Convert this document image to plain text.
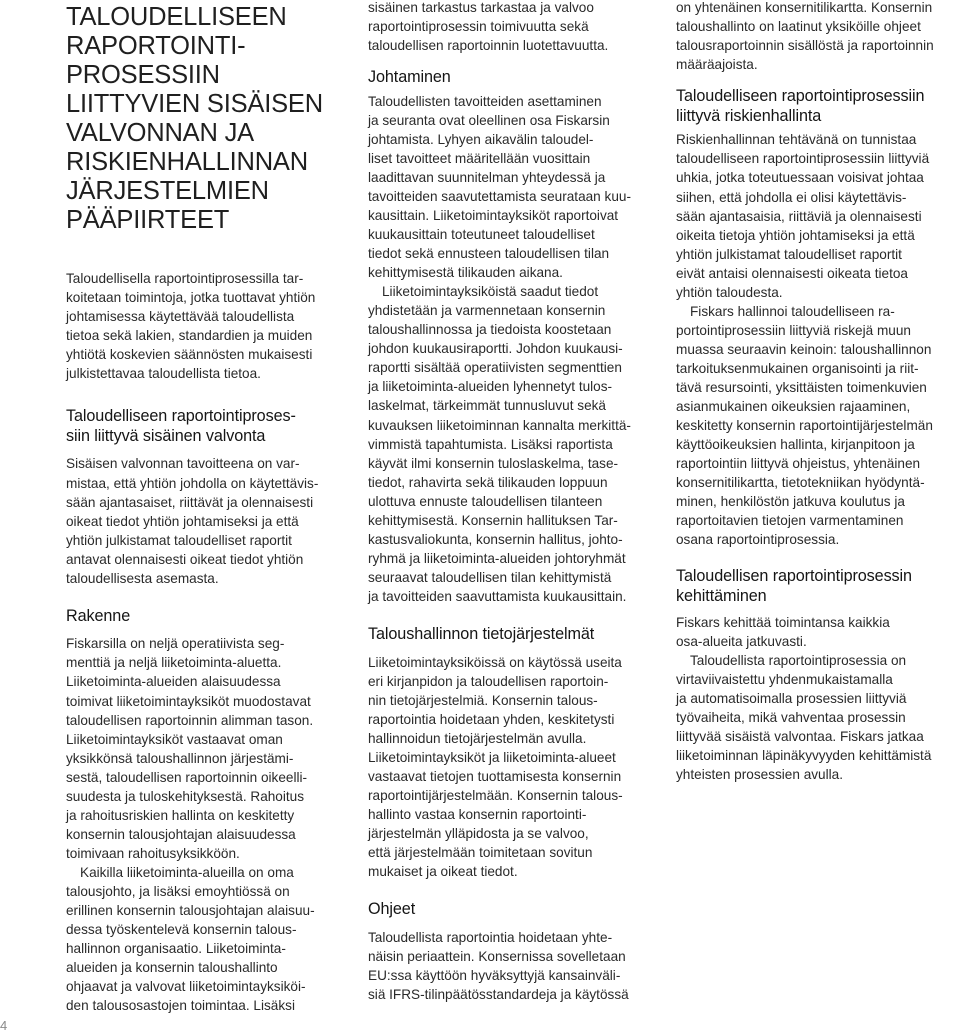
TALOUDELLISEEN
RAPORTOINTI-
PROSESSIIN
LIITTYVIEN SISÄISEN
VALVONNAN JA
RISKIENHALLINNAN
JÄRJESTELMIEN
PÄÄPIIRTEET

Taloudellisella raportointiprosessilla tar-
koitetaan toimintoja, jotka tuottavat yhtiön
johtamisessa käytettävää taloudellista
tietoa sekä lakien, standardien ja muiden
yhtiötä koskevien säännösten mukaisesti
julkistettavaa taloudellista tietoa.

Taloudelliseen raportointiproses-
siin liittyvä sisäinen valvonta

Sisäisen valvonnan tavoitteena on var-
mistaa, että yhtiön johdolla on käytettävis-
sään ajantasaiset, riittävät ja olennaisesti
oikeat tiedot yhtiön johtamiseksi ja että
yhtiön julkistamat taloudelliset raportit
antavat olennaisesti oikeat tiedot yhtiön
taloudellisesta asemasta.

Rakenne

Fiskarsilla on neljä operatiivista seg-
menttiä ja neljä liiketoiminta-aluetta.
Liiketoiminta-alueiden alaisuudessa
toimivat liiketoimintayksiköt muodostavat
taloudellisen raportoinnin alimman tason.
Liiketoimintayksiköt vastaavat oman
yksikkönsä taloushallinnon järjestämi-
sestä, taloudellisen raportoinnin oikeelli-
suudesta ja tuloskehityksestä. Rahoitus
ja rahoitusriskien hallinta on keskitetty
konsernin talousjohtajan alaisuudessa
toimivaan rahoitusyksikköön.

Kaikilla liiketoiminta-alueilla on oma
talousjohto, ja lisäksi emoyhtiössä on
erillinen konsernin talousjohtajan alaisuu-
dessa työskentelevä konsernin talous-
hallinnon organisaatio. Liiketoiminta-
alueiden ja konsernin taloushallinto
ohjaavat ja valvovat liiketoimintayksiköi-
den talousosastojen toimintaa. Lisäksi

sisäinen tarkastus tarkastaa ja valvoo
raportointiprosessin toimivuutta sekä
taloudellisen raportoinnin luotettavuutta.

Johtaminen

Taloudellisten tavoitteiden asettaminen
ja seuranta ovat oleellinen osa Fiskarsin
johtamista. Lyhyen aikavälin taloudel-
liset tavoitteet määritellään vuosittain
laadittavan suunnitelman yhteydessä ja
tavoitteiden saavutettamista seurataan kuu-
kausittain. Liiketoimintayksiköt raportoivat
kuukausittain toteutuneet taloudelliset
tiedot sekä ennusteen taloudellisen tilan
kehittymisestä tilikauden aikana.

Liiketoimintayksiköistä saadut tiedot
yhdistetään ja varmennetaan konsernin
taloushallinnossa ja tiedoista koostetaan
johdon kuukausiraportti. Johdon kuukausi-
raportti sisältää operatiivisten segmenttien
ja liiketoiminta-alueiden lyhennetyt tulos-
laskelmat, tärkeimmät tunnusluvut sekä
kuvauksen liiketoiminnan kannalta merkittä-
vimmistä tapahtumista. Lisäksi raportista
käyvät ilmi konsernin tuloslaskelma, tase-
tiedot, rahavirta sekä tilikauden loppuun
ulottuva ennuste taloudellisen tilanteen
kehittymisestä. Konsernin hallituksen Tar-
kastusvaliokunta, konsernin hallitus, johto-
ryhmä ja liiketoiminta-alueiden johtoryhmät
seuraavat taloudellisen tilan kehittymistä
ja tavoitteiden saavuttamista kuukausittain.

Taloushallinnon tietojärjestelmät

Liiketoimintayksiköissä on käytössä useita
eri kirjanpidon ja taloudellisen raportoin-
nin tietojärjestelmiä. Konsernin talous-
raportointia hoidetaan yhden, keskitetysti
hallinnoidun tietojärjestelmän avulla.
Liiketoimintayksiköt ja liiketoiminta-alueet
vastaavat tietojen tuottamisesta konsernin
raportointijärjestelmään. Konsernin talous-
hallinto vastaa konsernin raportointi-
järjestelmän ylläpidosta ja se valvoo,
että järjestelmään toimitetaan sovitun
mukaiset ja oikeat tiedot.

Ohjeet

Taloudellista raportointia hoidetaan yhte-
näisin periaattein. Konsernissa sovelletaan
EU:ssa käyttöön hyväksyttyjä kansainväli-
siä IFRS-tilinpäätösstandardeja ja käytössä

on yhtenäinen konsernitilikartta. Konsernin
taloushallinto on laatinut yksiköille ohjeet
talousraportoinnin sisällöstä ja raportoinnin
määräajoista.

Taloudelliseen raportointiprosessiin
liittyvä riskienhallinta

Riskienhallinnan tehtävänä on tunnistaa
taloudelliseen raportointiprosessiin liittyviä
uhkia, jotka toteutuessaan voisivat johtaa
siihen, että johdolla ei olisi käytettävis-
sään ajantasaisia, riittäviä ja olennaisesti
oikeita tietoja yhtiön johtamiseksi ja että
yhtiön julkistamat taloudelliset raportit
eivät antaisi olennaisesti oikeata tietoa
yhtiön taloudesta.

Fiskars hallinnoi taloudelliseen ra-
portointiprosessiin liittyviä riskejä muun
muassa seuraavin keinoin: taloushallinnon
tarkoituksenmukainen organisointi ja riit-
tävä resursointi, yksittäisten toimenkuvien
asianmukainen oikeuksien rajaaminen,
keskitetty konsernin raportointijärjestelmän
käyttöoikeuksien hallinta, kirjanpitoon ja
raportointiin liittyvä ohjeistus, yhtenäinen
konsernitilikartta, tietotekniikan hyödyntä-
minen, henkilöstön jatkuva koulutus ja
raportoitavien tietojen varmentaminen
osana raportointiprosessia.

Taloudellisen raportointiprosessin
kehittäminen

Fiskars kehittää toimintansa kaikkia
osa-alueita jatkuvasti.

Taloudellista raportointiprosessia on
virtaviivaistettu yhdenmukaistamalla
ja automatisoimalla prosessien liittyviä
työvaiheita, mikä vahventaa prosessin
liittyvää sisäistä valvontaa. Fiskars jatkaa
liiketoiminnan läpinäkyvyyden kehittämistä
yhteisten prosessien avulla.

4
